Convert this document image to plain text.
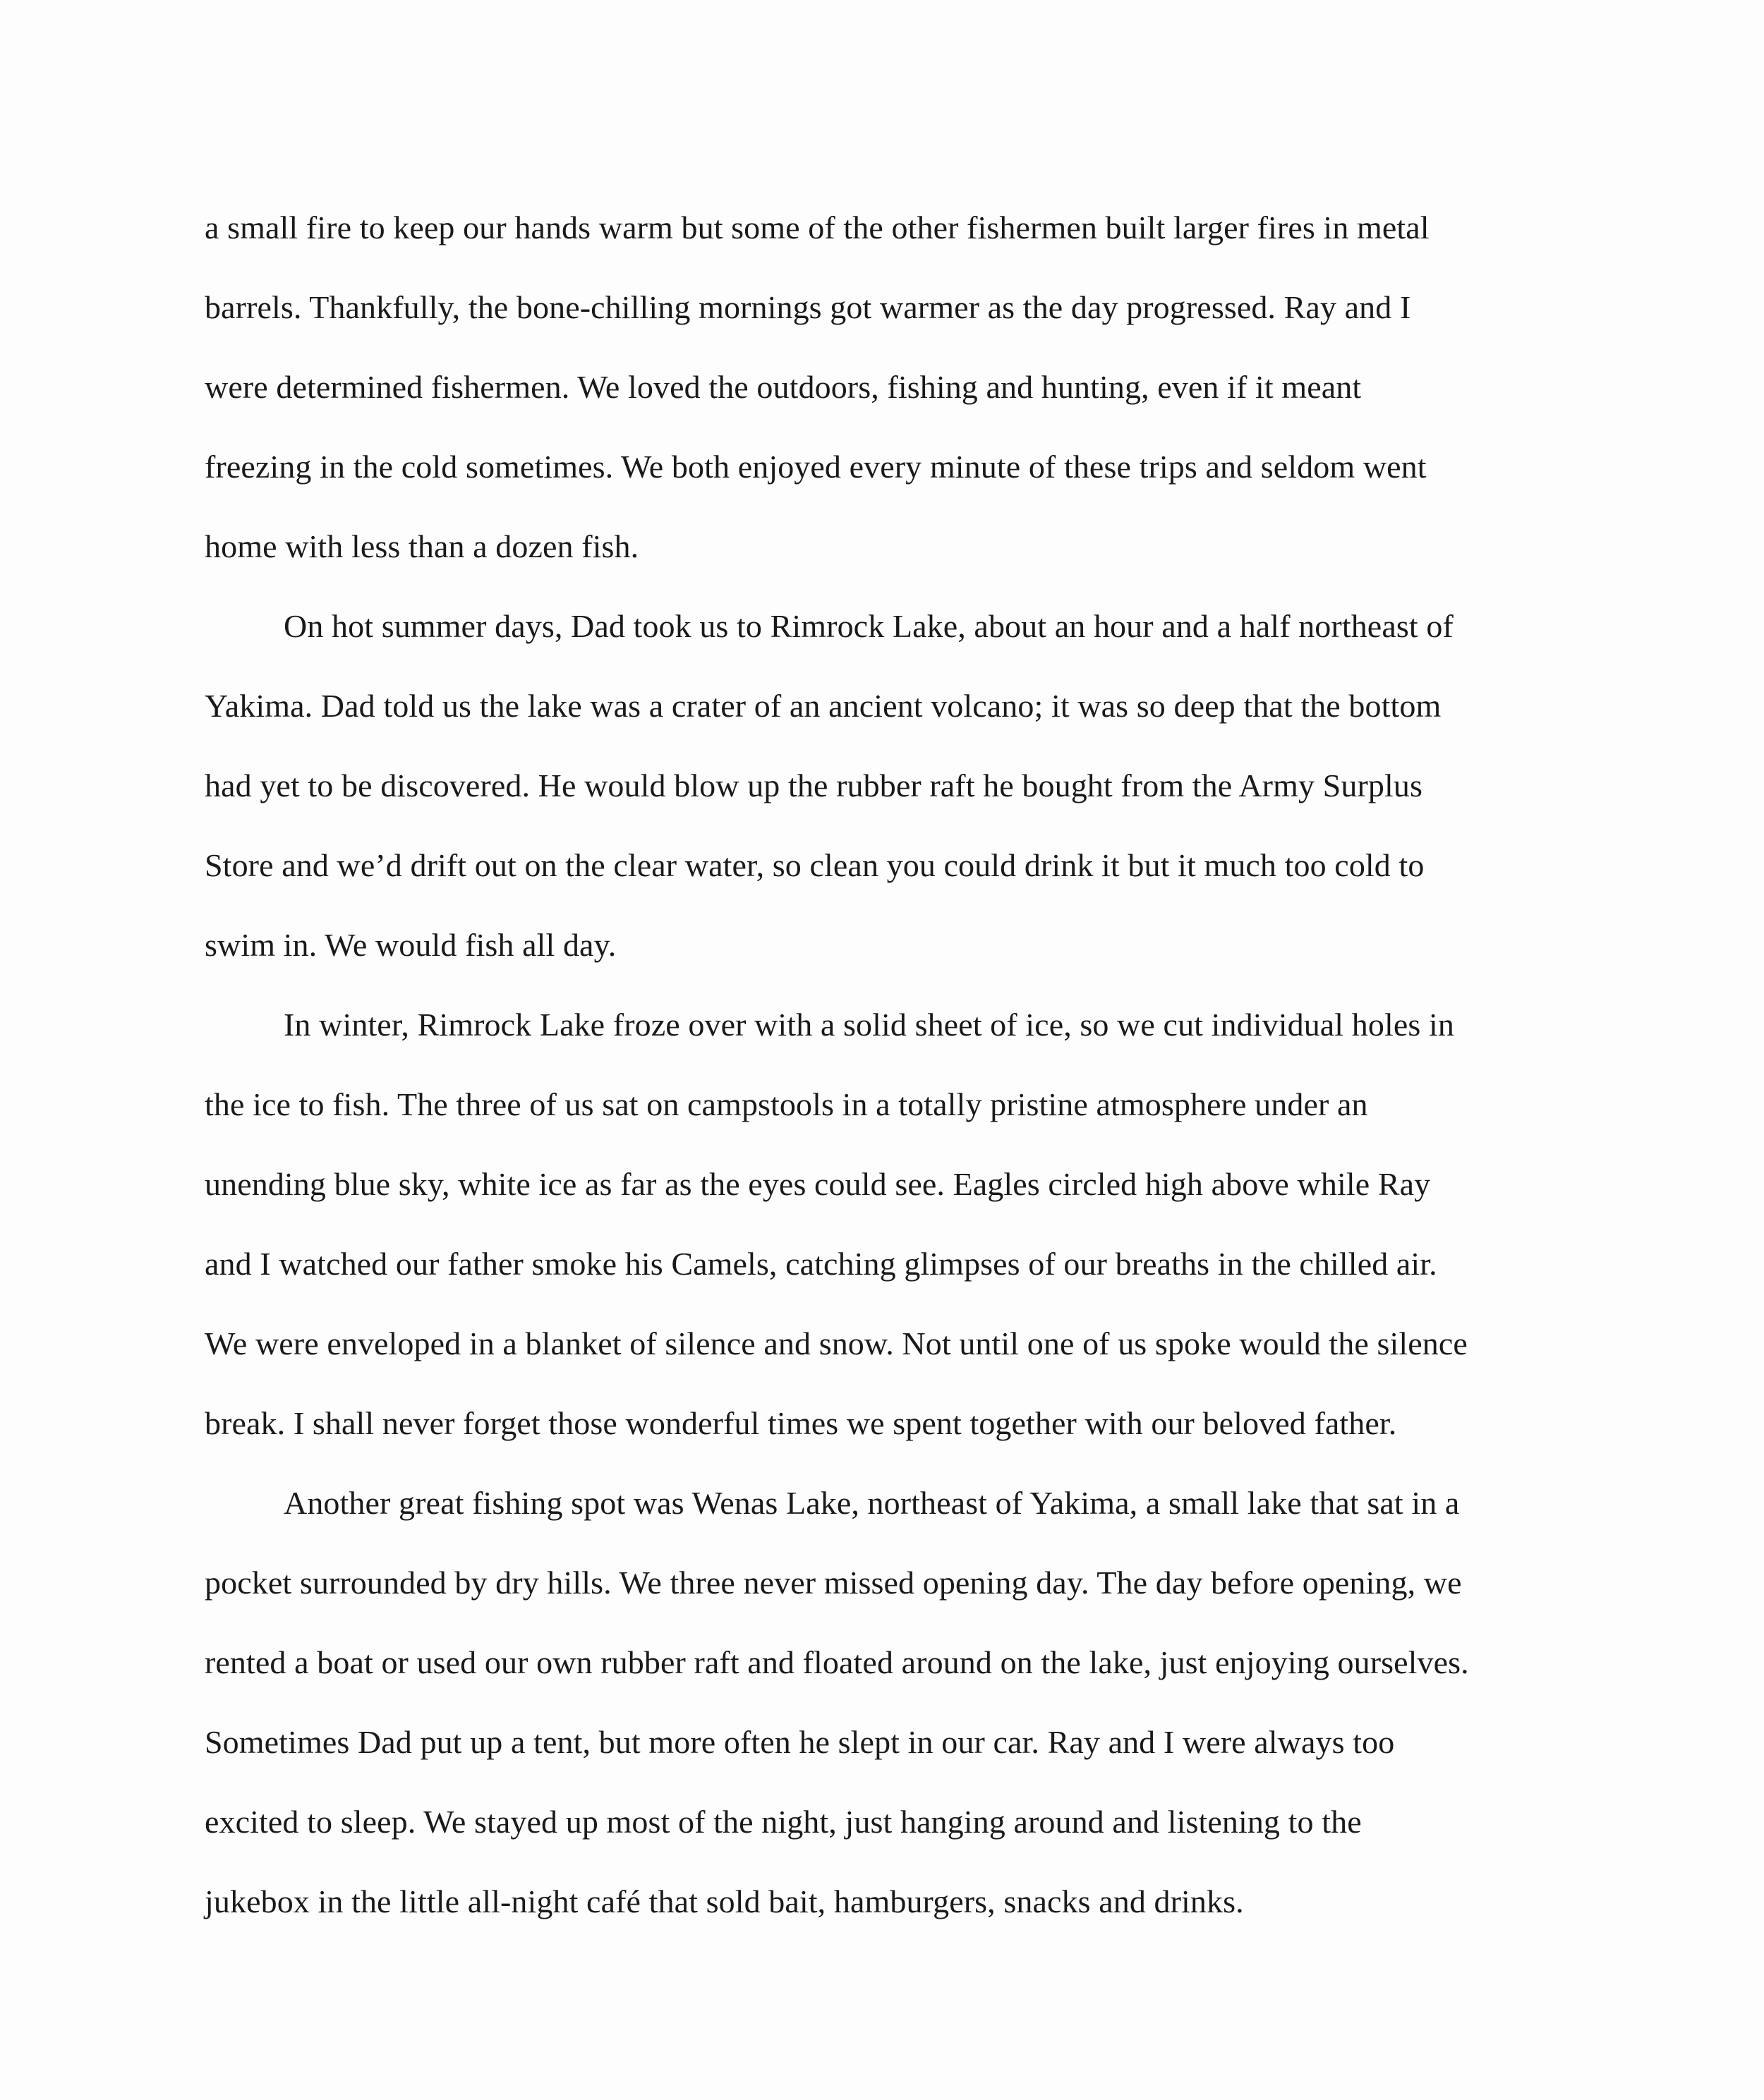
a small fire to keep our hands warm but some of the other fishermen built larger fires in metal
barrels. Thankfully, the bone-chilling mornings got warmer as the day progressed. Ray and I
were determined fishermen. We loved the outdoors, fishing and hunting, even if it meant
freezing in the cold sometimes. We both enjoyed every minute of these trips and seldom went
home with less than a dozen fish.
On hot summer days, Dad took us to Rimrock Lake, about an hour and a half northeast of
Yakima. Dad told us the lake was a crater of an ancient volcano; it was so deep that the bottom
had yet to be discovered. He would blow up the rubber raft he bought from the Army Surplus
Store and we’d drift out on the clear water, so clean you could drink it but it much too cold to
swim in. We would fish all day.
In winter, Rimrock Lake froze over with a solid sheet of ice, so we cut individual holes in
the ice to fish. The three of us sat on campstools in a totally pristine atmosphere under an
unending blue sky, white ice as far as the eyes could see. Eagles circled high above while Ray
and I watched our father smoke his Camels, catching glimpses of our breaths in the chilled air.
We were enveloped in a blanket of silence and snow. Not until one of us spoke would the silence
break. I shall never forget those wonderful times we spent together with our beloved father.
Another great fishing spot was Wenas Lake, northeast of Yakima, a small lake that sat in a
pocket surrounded by dry hills. We three never missed opening day. The day before opening, we
rented a boat or used our own rubber raft and floated around on the lake, just enjoying ourselves.
Sometimes Dad put up a tent, but more often he slept in our car. Ray and I were always too
excited to sleep. We stayed up most of the night, just hanging around and listening to the
jukebox in the little all-night café that sold bait, hamburgers, snacks and drinks.
